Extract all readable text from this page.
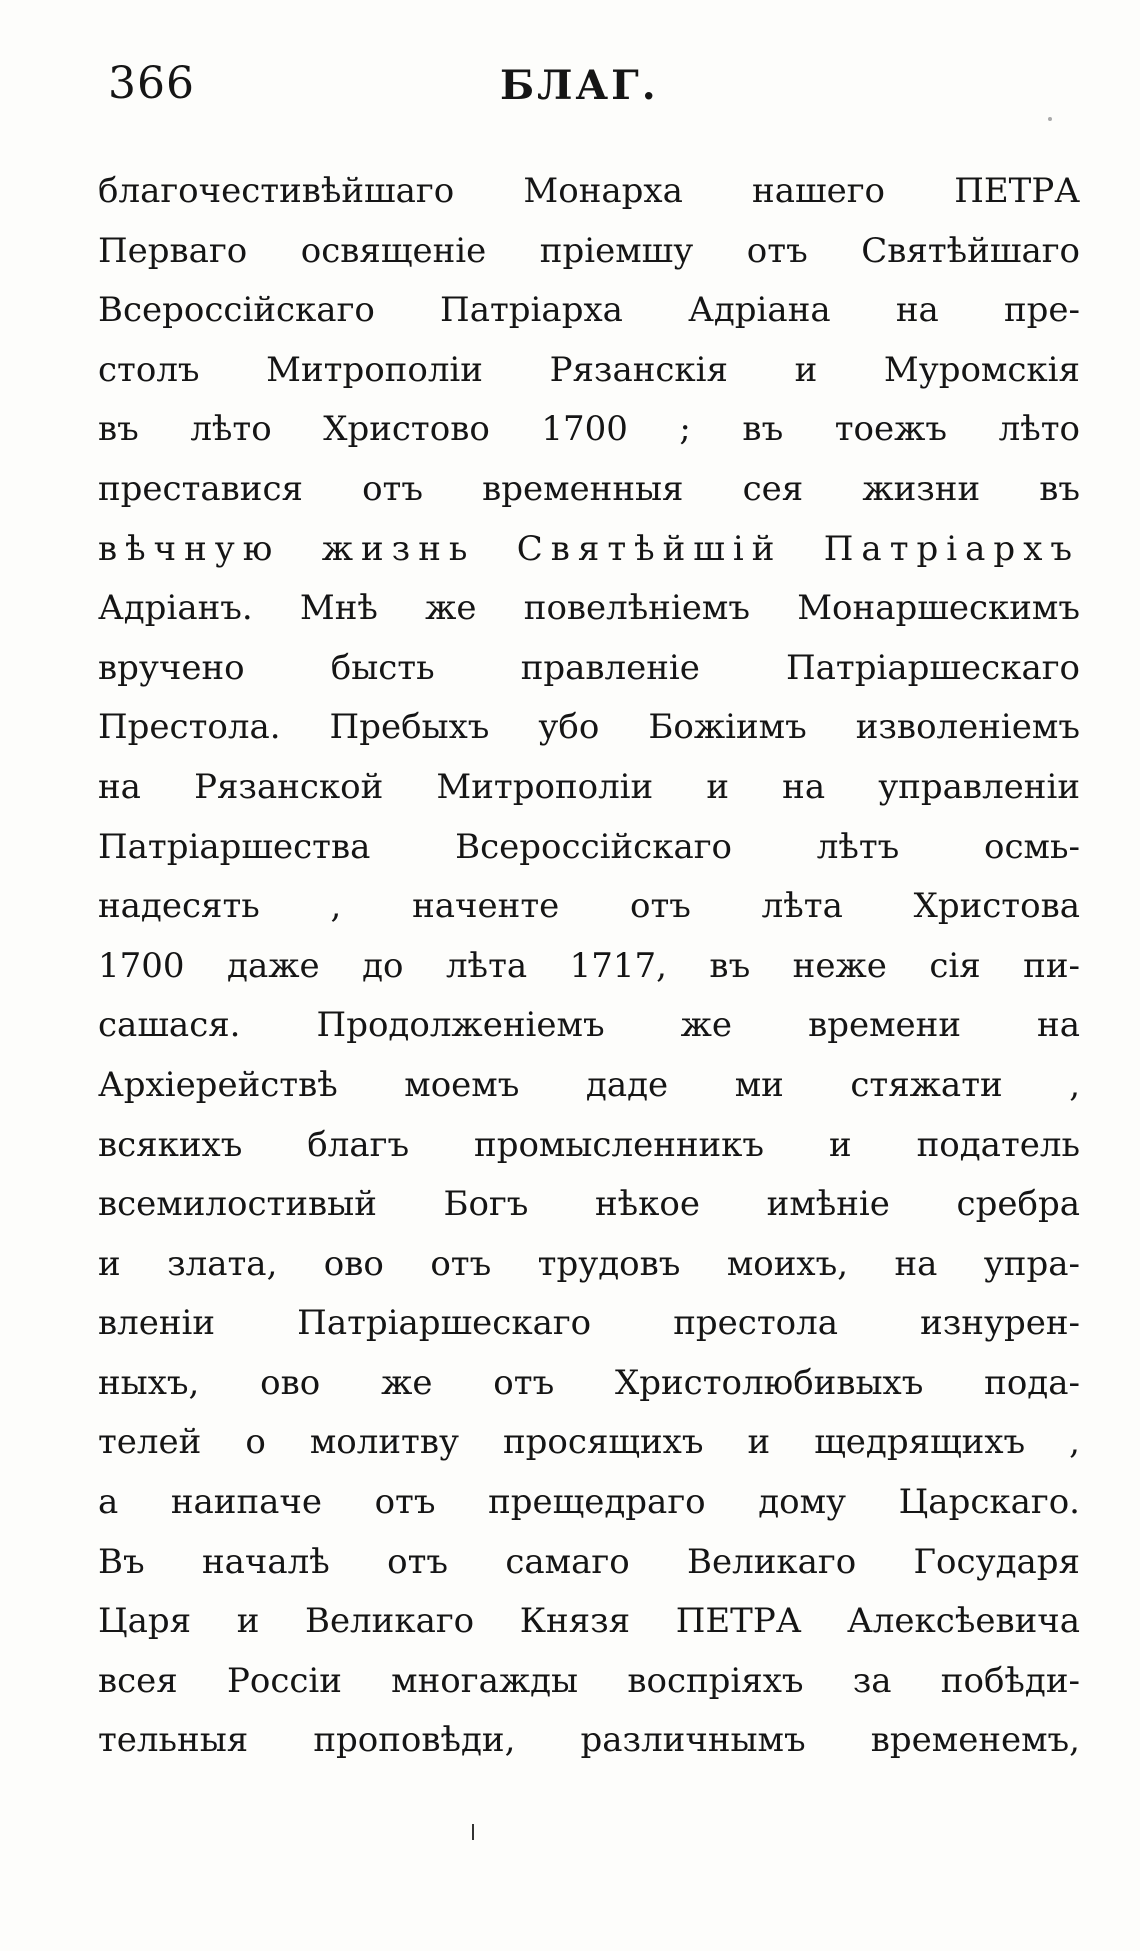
366	БЛАГ.
благочестивѣйшаго Монарха нашего ПЕТРА
Перваго освященіе пріемшу отъ Святѣйшаго
Всероссійскаго Патріарха Адріана на пре-
столъ Митрополіи Рязанскія и Муромскія
въ лѣто Христово 1700 ; въ тоежъ лѣто
преставися отъ временныя сея жизни въ
вѣчную жизнь Святѣйшій Патріархъ
Адріанъ. Мнѣ же повелѣніемъ Монаршескимъ
вручено бысть правленіе Патріаршескаго
Престола. Пребыхъ убо Божіимъ изволеніемъ
на Рязанской Митрополіи и на управленіи
Патріаршества Всероссійскаго лѣтъ осмь-
надесять , начентe отъ лѣта Христова
1700 даже до лѣта 1717, въ неже сія пи-
сашася. Продолженіемъ же времени на
Архіерействѣ моемъ даде ми стяжати ,
всякихъ благъ промысленникъ и податель
всемилостивый Богъ нѣкое имѣніе сребра
и злата, ово отъ трудовъ моихъ, на упра-
вленіи Патріаршескаго престола изнурен-
ныхъ, ово же отъ Христолюбивыхъ пода-
телей о молитву просящихъ и щедрящихъ ,
а наипаче отъ прещедраго дому Царскаго.
Въ началѣ отъ самаго Великаго Государя
Царя и Великаго Князя ПЕТРА Алексѣевича
всея Россіи многажды воспріяхъ за побѣди-
тельныя проповѣди, различнымъ временемъ,
